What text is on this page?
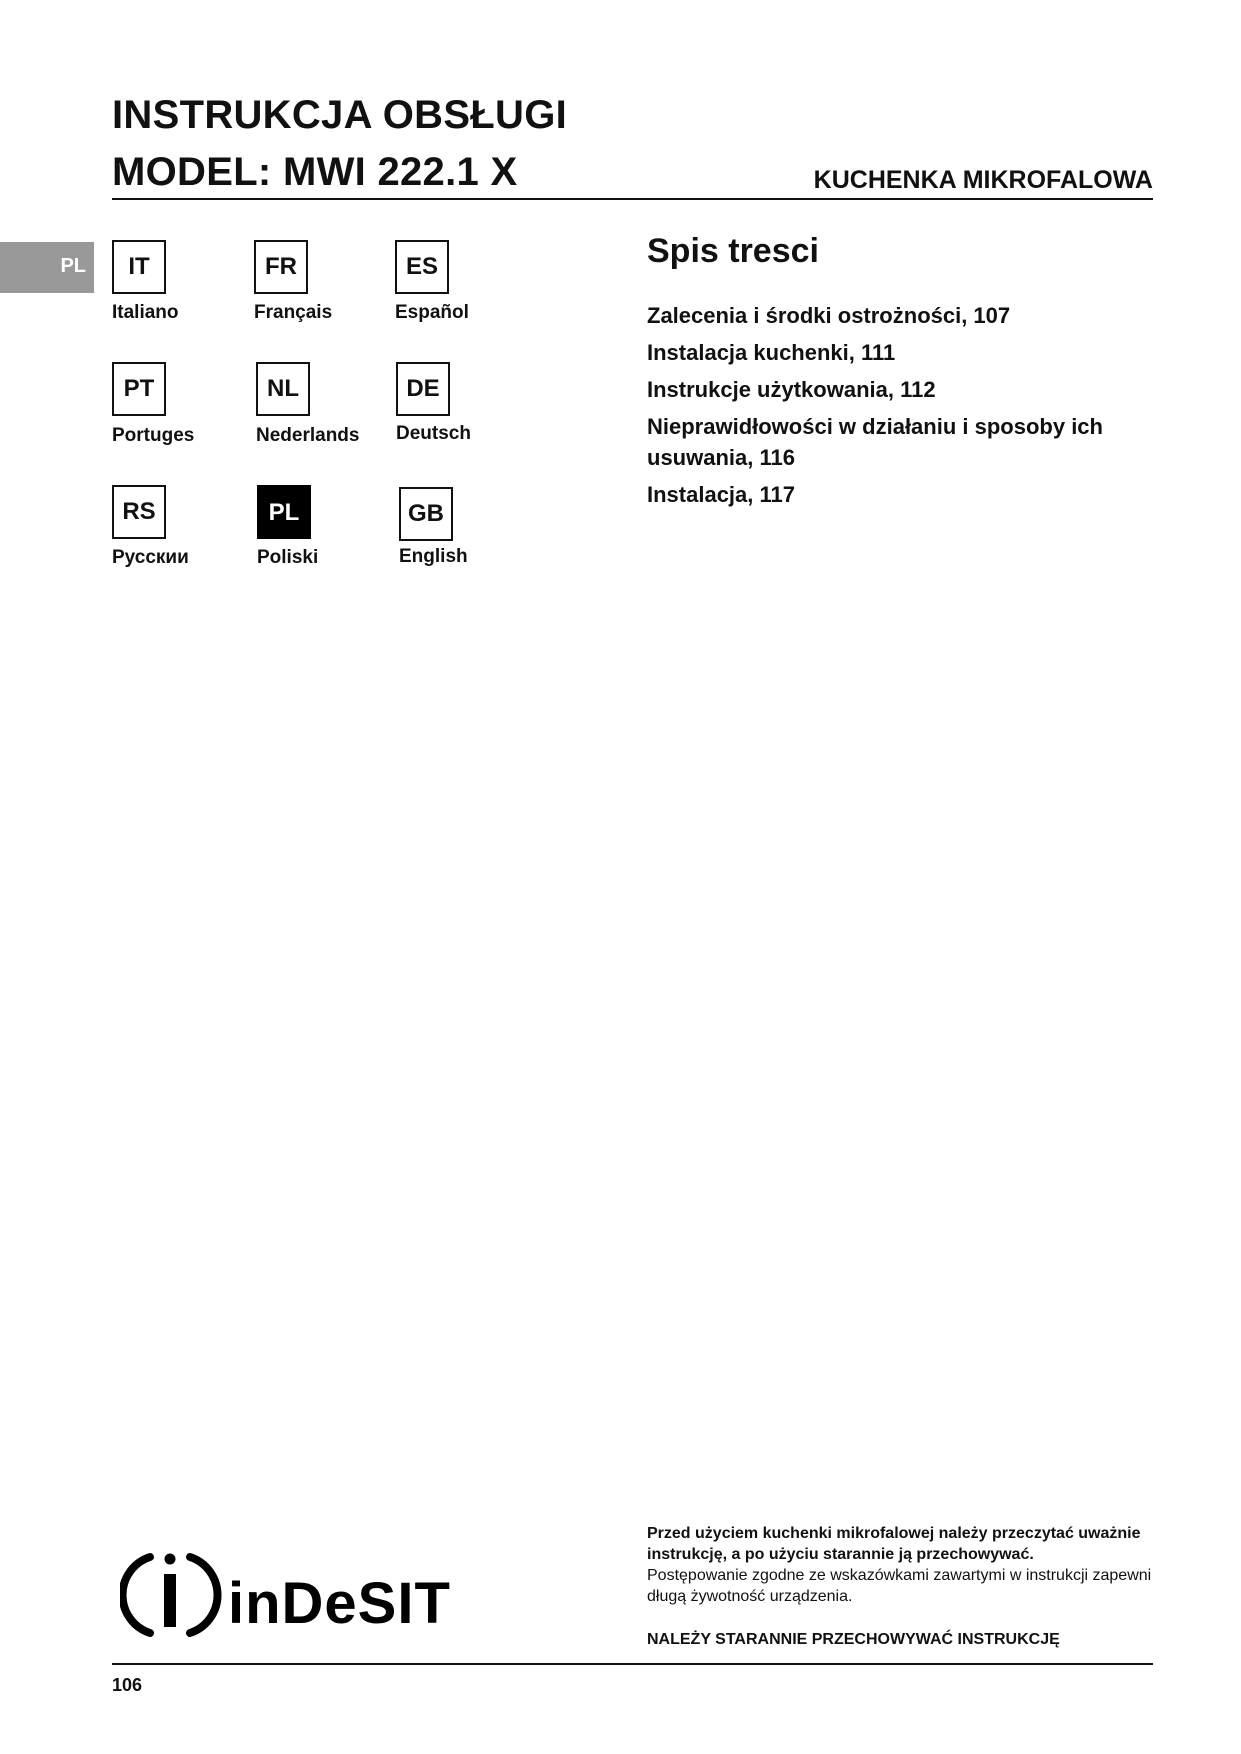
INSTRUKCJA OBSŁUGI
MODEL: MWI 222.1 X	KUCHENKA MIKROFALOWA
PL	IT
Italiano
FR
Français
ES
Español
PT
Portuges
NL
Nederlands
DE
Deutsch
RS
Русскии
PL
Poliski
GB
English
Spis tresci
Zalecenia i środki ostrożności, 107
Instalacja kuchenki, 111
Instrukcje użytkowania, 112
Nieprawidłowości w działaniu i sposoby ich usuwania, 116
Instalacja, 117
inDeSIT
Przed użyciem kuchenki mikrofalowej należy przeczytać uważnie instrukcję, a po użyciu starannie ją przechowywać.
Postępowanie zgodne ze wskazówkami zawartymi w instrukcji zapewni długą żywotność urządzenia.
NALEŻY STARANNIE PRZECHOWYWAĆ INSTRUKCJĘ
106
